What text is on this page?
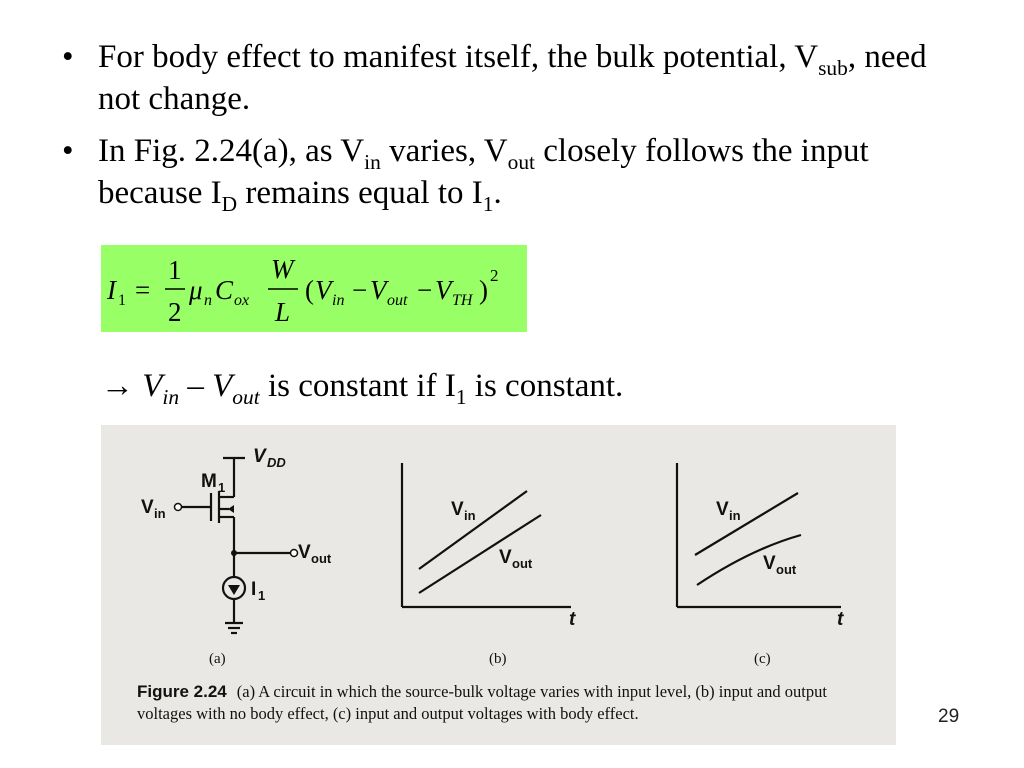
• For body effect to manifest itself, the bulk potential, $V_{sub}$, need not change.
• In Fig. 2.24(a), as $V_{in}$ varies, $V_{out}$ closely follows the input because $I_D$ remains equal to $I_1$.
I 1 =
1
2
μ n C ox
W
L
( V in − V out − V TH ) 2
→ $V_{in} - V_{out}$ is constant if $I_1$ is constant.
V DD
M 1
V in
V out
I 1
V in
V out
t
V in
V out
t
(a)	(b)	(c)
Figure 2.24 (a) A circuit in which the source-bulk voltage varies with input level, (b) input and output voltages with no body effect, (c) input and output voltages with body effect.	29
